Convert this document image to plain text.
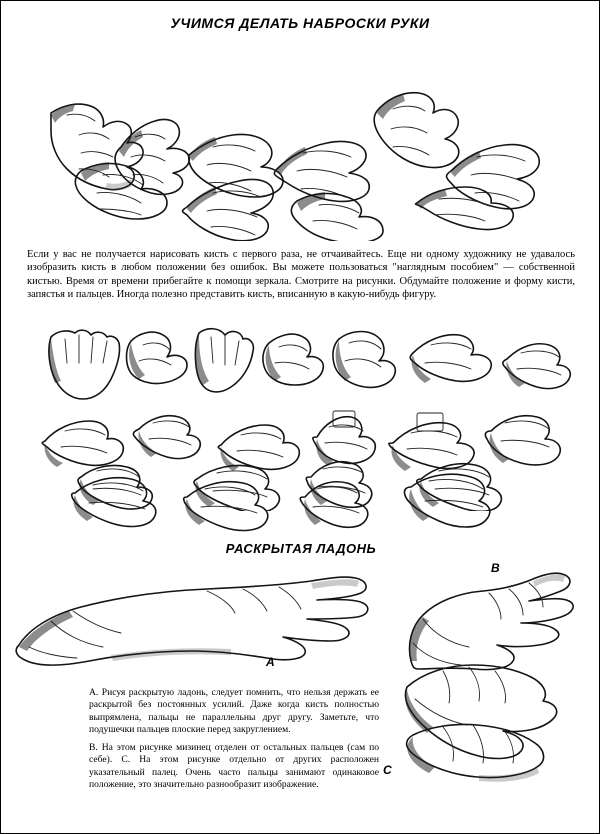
УЧИМСЯ ДЕЛАТЬ НАБРОСКИ РУКИ

Если у вас не получается нарисовать кисть с первого раза, не отчаивайтесь. Еще ни одному художнику не удавалось изобразить кисть в любом положении без ошибок. Вы можете пользоваться "наглядным пособием" — собственной кистью. Время от времени прибегайте к помощи зеркала. Смотрите на рисунки. Обдумайте положение и форму кисти, запястья и пальцев. Иногда полезно представить кисть, вписанную в какую-нибудь фигуру.

РАСКРЫТАЯ ЛАДОНЬ
А
В
С

А. Рисуя раскрытую ладонь, следует помнить, что нельзя держать ее раскрытой без постоянных усилий. Даже когда кисть полностью выпрямлена, пальцы не параллельны друг другу. Заметьте, что подушечки пальцев плоские перед закруглением.

В. На этом рисунке мизинец отделен от остальных пальцев (сам по себе). С. На этом рисунке отдельно от других расположен указательный палец. Очень часто пальцы занимают одинаковое положение, это значительно разнообразит изображение.
